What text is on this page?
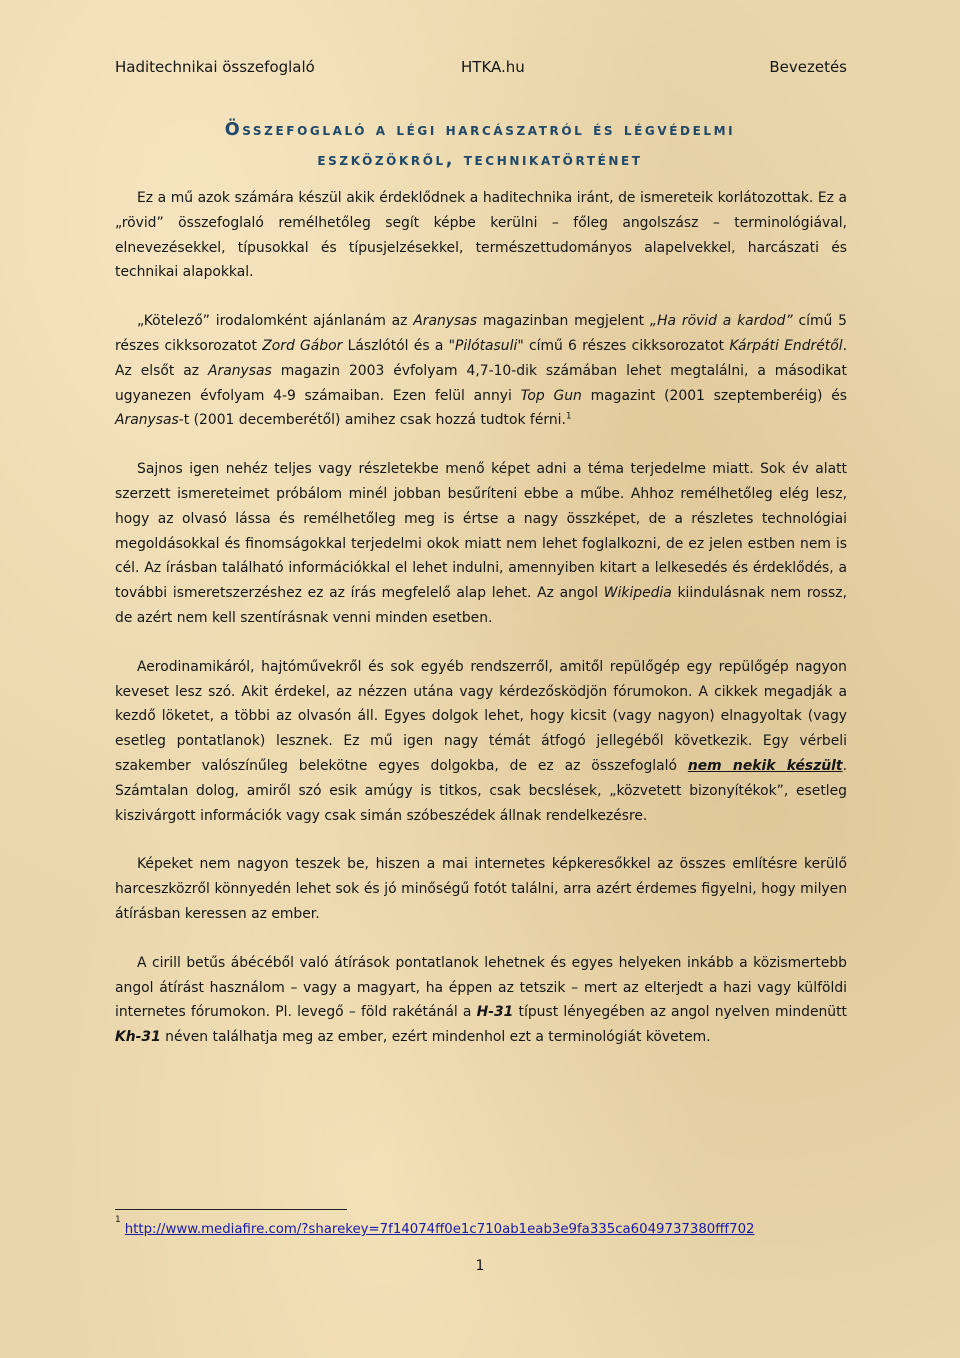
Haditechnikai összefoglaló	HTKA.hu	Bevezetés
Összefoglaló a légi harcászatról és légvédelmi
eszközökről, technikatörténet

Ez a mű azok számára készül akik érdeklődnek a haditechnika iránt, de ismereteik korlátozottak. Ez a „rövid” összefoglaló remélhetőleg segít képbe kerülni – főleg angolszász – terminológiával, elnevezésekkel, típusokkal és típusjelzésekkel, természettudományos alapelvekkel, harcászati és technikai alapokkal.

„Kötelező” irodalomként ajánlanám az Aranysas magazinban megjelent „Ha rövid a kardod” című 5 részes cikksorozatot Zord Gábor Lászlótól és a "Pilótasuli" című 6 részes cikksorozatot Kárpáti Endrétől. Az elsőt az Aranysas magazin 2003 évfolyam 4,7-10-dik számában lehet megtalálni, a másodikat ugyanezen évfolyam 4-9 számaiban. Ezen felül annyi Top Gun magazint (2001 szeptemberéig) és Aranysas-t (2001 decemberétől) amihez csak hozzá tudtok férni.$^1$

Sajnos igen nehéz teljes vagy részletekbe menő képet adni a téma terjedelme miatt. Sok év alatt szerzett ismereteimet próbálom minél jobban besűríteni ebbe a műbe. Ahhoz remélhetőleg elég lesz, hogy az olvasó lássa és remélhetőleg meg is értse a nagy összképet, de a részletes technológiai megoldásokkal és finomságokkal terjedelmi okok miatt nem lehet foglalkozni, de ez jelen estben nem is cél. Az írásban található információkkal el lehet indulni, amennyiben kitart a lelkesedés és érdeklődés, a további ismeretszerzéshez ez az írás megfelelő alap lehet. Az angol Wikipedia kiindulásnak nem rossz, de azért nem kell szentírásnak venni minden esetben.

Aerodinamikáról, hajtóművekről és sok egyéb rendszerről, amitől repülőgép egy repülőgép nagyon keveset lesz szó. Akit érdekel, az nézzen utána vagy kérdezősködjön fórumokon. A cikkek megadják a kezdő löketet, a többi az olvasón áll. Egyes dolgok lehet, hogy kicsit (vagy nagyon) elnagyoltak (vagy esetleg pontatlanok) lesznek. Ez mű igen nagy témát átfogó jellegéből következik. Egy vérbeli szakember valószínűleg belekötne egyes dolgokba, de ez az összefoglaló nem nekik készült. Számtalan dolog, amiről szó esik amúgy is titkos, csak becslések, „közvetett bizonyítékok”, esetleg kiszivárgott információk vagy csak simán szóbeszédek állnak rendelkezésre.

Képeket nem nagyon teszek be, hiszen a mai internetes képkeresőkkel az összes említésre kerülő harceszközről könnyedén lehet sok és jó minőségű fotót találni, arra azért érdemes figyelni, hogy milyen átírásban keressen az ember.

A cirill betűs ábécéből való átírások pontatlanok lehetnek és egyes helyeken inkább a közismertebb angol átírást használom – vagy a magyart, ha éppen az tetszik – mert az elterjedt a hazi vagy külföldi internetes fórumokon. Pl. levegő – föld rakétánál a H-31 típust lényegében az angol nyelven mindenütt Kh-31 néven találhatja meg az ember, ezért mindenhol ezt a terminológiát követem.

$^1$http://www.mediafire.com/?sharekey=7f14074ff0e1c710ab1eab3e9fa335ca6049737380fff702
1
